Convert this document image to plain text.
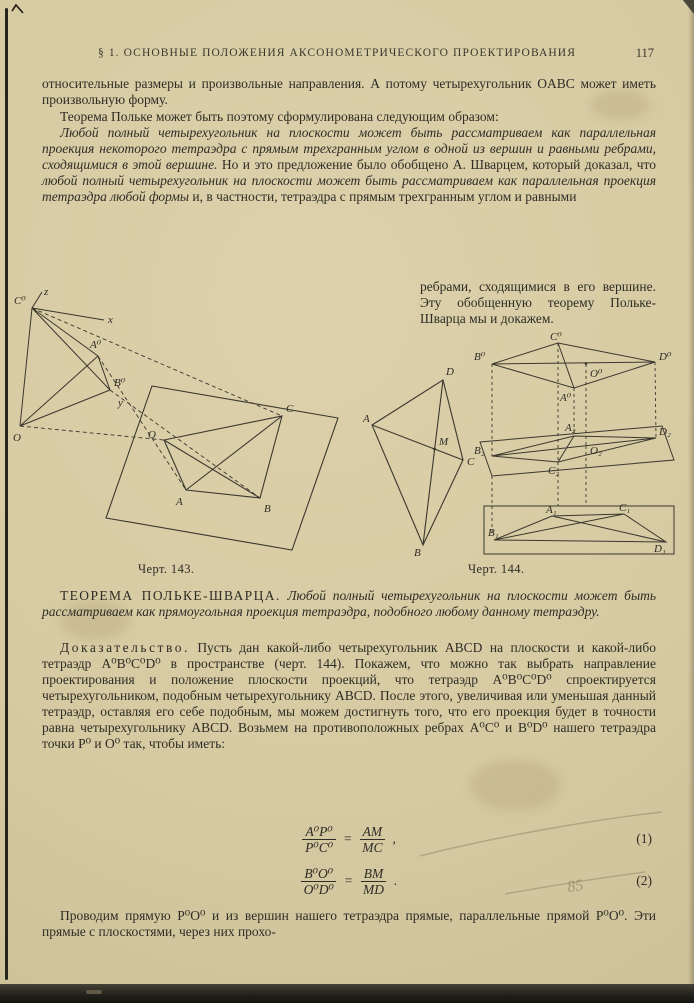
§ 1. ОСНОВНЫЕ ПОЛОЖЕНИЯ АКСОНОМЕТРИЧЕСКОГО ПРОЕКТИРОВАНИЯ	117
относительные размеры и произвольные направления. А потому четырехугольник OABC может иметь произвольную форму.
Теорема Польке может быть поэтому сформулирована следующим образом:
Любой полный четырехугольник на плоскости может быть рассматриваем как параллельная проекция некоторого тетраэдра с прямым трехгранным углом в одной из вершин и равными ребрами, сходящимися в этой вершине. Но и это предложение было обобщено А. Шварцем, который доказал, что любой полный четырехугольник на плоскости может быть рассматриваем как параллельная проекция тетраэдра любой формы и, в частности, тетраэдра с прямым трехгранным углом и равными
ребрами, сходящимися в его вершине. Эту обобщенную теорему Польке-Шварца мы и докажем.
C⁰
z
x
A⁰
B⁰
O
у	C
O
A
B
D
A
B
C
M
C⁰
B⁰	D⁰
A⁰
O⁰
A₂
B₂
C₂
D₂
O₂
A₁
B₁
C₁
D₁
Черт. 143.	Черт. 144.
ТЕОРЕМА ПОЛЬКЕ-ШВАРЦА. Любой полный четырехугольник на плоскости может быть рассматриваем как прямоугольная проекция тетраэдра, подобного любому данному тетраэдру.
Доказательство. Пусть дан какой-либо четырехугольник ABCD на плоскости и какой-либо тетраэдр A⁰B⁰C⁰D⁰ в пространстве (черт. 144). Покажем, что можно так выбрать направление проектирования и положение плоскости проекций, что тетраэдр A⁰B⁰C⁰D⁰ спроектируется четырехугольником, подобным четырехугольнику ABCD. После этого, увеличивая или уменьшая данный тетраэдр, оставляя его себе подобным, мы можем достигнуть того, что его проекция будет в точности равна четырехугольнику ABCD. Возьмем на противоположных ребрах A⁰C⁰ и B⁰D⁰ нашего тетраэдра точки P⁰ и O⁰ так, чтобы иметь:
$\frac{\text{A⁰P⁰}}{\text{P⁰C⁰}} = \frac{AM}{MC}$ ,	(1)
$\frac{\text{B⁰O⁰}}{\text{O⁰D⁰}} = \frac{BM}{MD}$ .	(2)
85
Проводим прямую P⁰O⁰ и из вершин нашего тетраэдра прямые, параллельные прямой P⁰O⁰. Эти прямые с плоскостями, через них прохо-
